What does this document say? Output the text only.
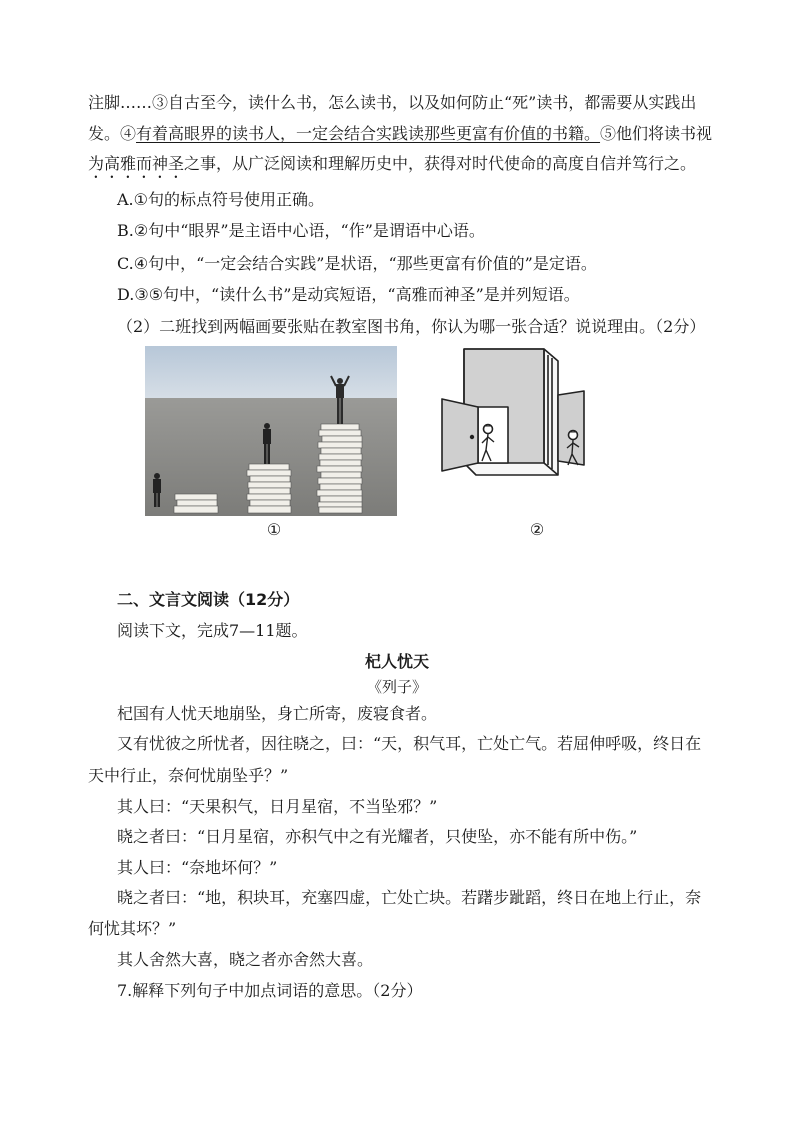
注脚……③自古至今，读什么书，怎么读书，以及如何防止“死”读书，都需要从实践出
发。④有着高眼界的读书人，一定会结合实践读那些更富有价值的书籍。⑤他们将读书视
为高雅而神圣之事，从广泛阅读和理解历史中，获得对时代使命的高度自信并笃行之。
A.①句的标点符号使用正确。
B.②句中“眼界”是主语中心语，“作”是谓语中心语。
C.④句中，“一定会结合实践”是状语，“那些更富有价值的”是定语。
D.③⑤句中，“读什么书”是动宾短语，“高雅而神圣”是并列短语。
（2）二班找到两幅画要张贴在教室图书角，你认为哪一张合适？说说理由。（2分）
①	②
二、文言文阅读（12分）
阅读下文，完成7—11题。
杞人忧天
《列子》
杞国有人忧天地崩坠，身亡所寄，废寝食者。
又有忧彼之所忧者，因往晓之，曰：“天，积气耳，亡处亡气。若屈伸呼吸，终日在
天中行止，奈何忧崩坠乎？”
其人曰：“天果积气，日月星宿，不当坠邪？”
晓之者曰：“日月星宿，亦积气中之有光耀者，只使坠，亦不能有所中伤。”
其人曰：“奈地坏何？”
晓之者曰：“地，积块耳，充塞四虚，亡处亡块。若躇步跐蹈，终日在地上行止，奈
何忧其坏？”
其人舍然大喜，晓之者亦舍然大喜。
7.解释下列句子中加点词语的意思。（2分）
